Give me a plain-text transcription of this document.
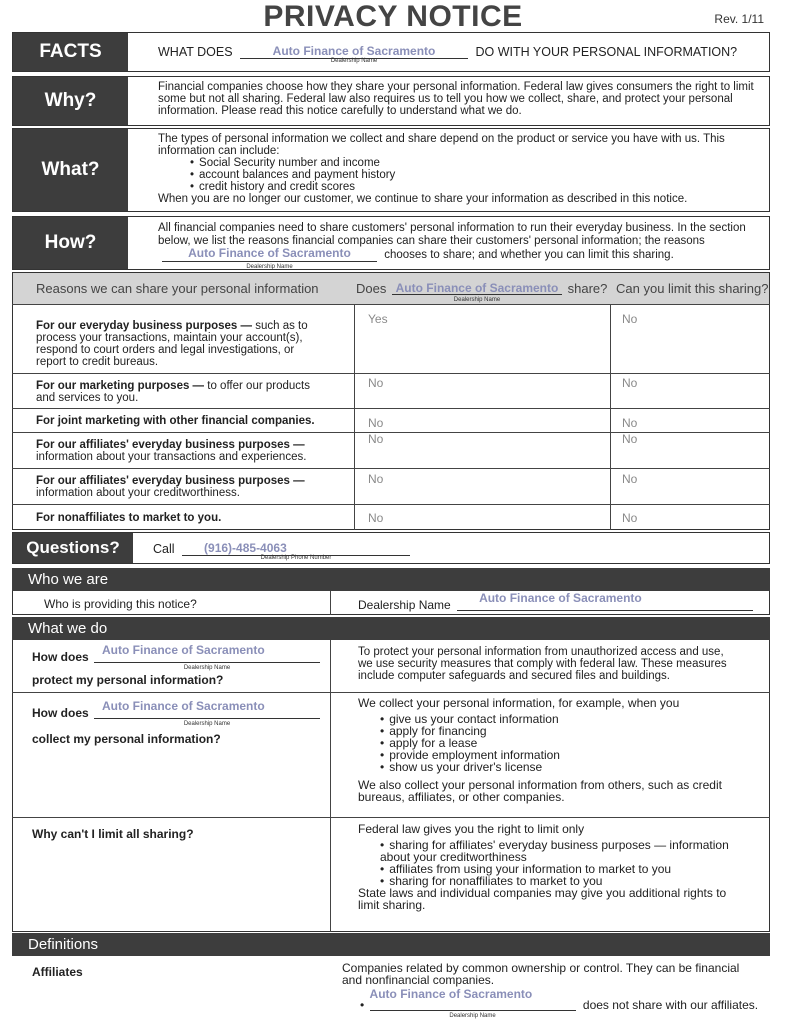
PRIVACY NOTICE	Rev. 1/11
FACTS	WHAT DOES	Auto Finance of Sacramento
Dealership Name
DO WITH YOUR PERSONAL INFORMATION?
Why?
Financial companies choose how they share your personal information. Federal law gives consumers the right to limit some but not all sharing. Federal law also requires us to tell you how we collect, share, and protect your personal information. Please read this notice carefully to understand what we do.
What?
The types of personal information we collect and share depend on the product or service you have with us. This information can include:
• Social Security number and income
• account balances and payment history
• credit history and credit scores
When you are no longer our customer, we continue to share your information as described in this notice.
How?
All financial companies need to share customers' personal information to run their everyday business. In the section below, we list the reasons financial companies can share their customers' personal information; the reasons Auto Finance of Sacramento
Dealership Name
chooses to share; and whether you can limit this sharing.
Reasons we can share your personal information	Does Auto Finance of Sacramento
Dealership Name
share? Can you limit this sharing?
For our everyday business purposes — such as to process your transactions, maintain your account(s), respond to court orders and legal investigations, or report to credit bureaus.
Yes	No
For our marketing purposes — to offer our products and services to you.
No	No
For joint marketing with other financial companies.	No	No
For our affiliates' everyday business purposes — information about your transactions and experiences.
No	No
For our affiliates' everyday business purposes — information about your creditworthiness.
No	No
For nonaffiliates to market to you.	No	No
Questions?	Call (916)-485-4063
Dealership Phone Number
Who we are
Who is providing this notice?	Dealership Name Auto Finance of Sacramento
What we do
How does Auto Finance of Sacramento
Dealership Name
protect my personal information?
To protect your personal information from unauthorized access and use, we use security measures that comply with federal law. These measures include computer safeguards and secured files and buildings.
How does Auto Finance of Sacramento
Dealership Name
collect my personal information?
We collect your personal information, for example, when you
• give us your contact information
• apply for financing
• apply for a lease
• provide employment information
• show us your driver's license
We also collect your personal information from others, such as credit bureaus, affiliates, or other companies.
Why can't I limit all sharing?	Federal law gives you the right to limit only
• sharing for affiliates' everyday business purposes — information about your creditworthiness
• affiliates from using your information to market to you
• sharing for nonaffiliates to market to you
State laws and individual companies may give you additional rights to limit sharing.
Definitions
Affiliates	Companies related by common ownership or control. They can be financial and nonfinancial companies.
• Auto Finance of Sacramento
Dealership Name
does not share with our affiliates.
